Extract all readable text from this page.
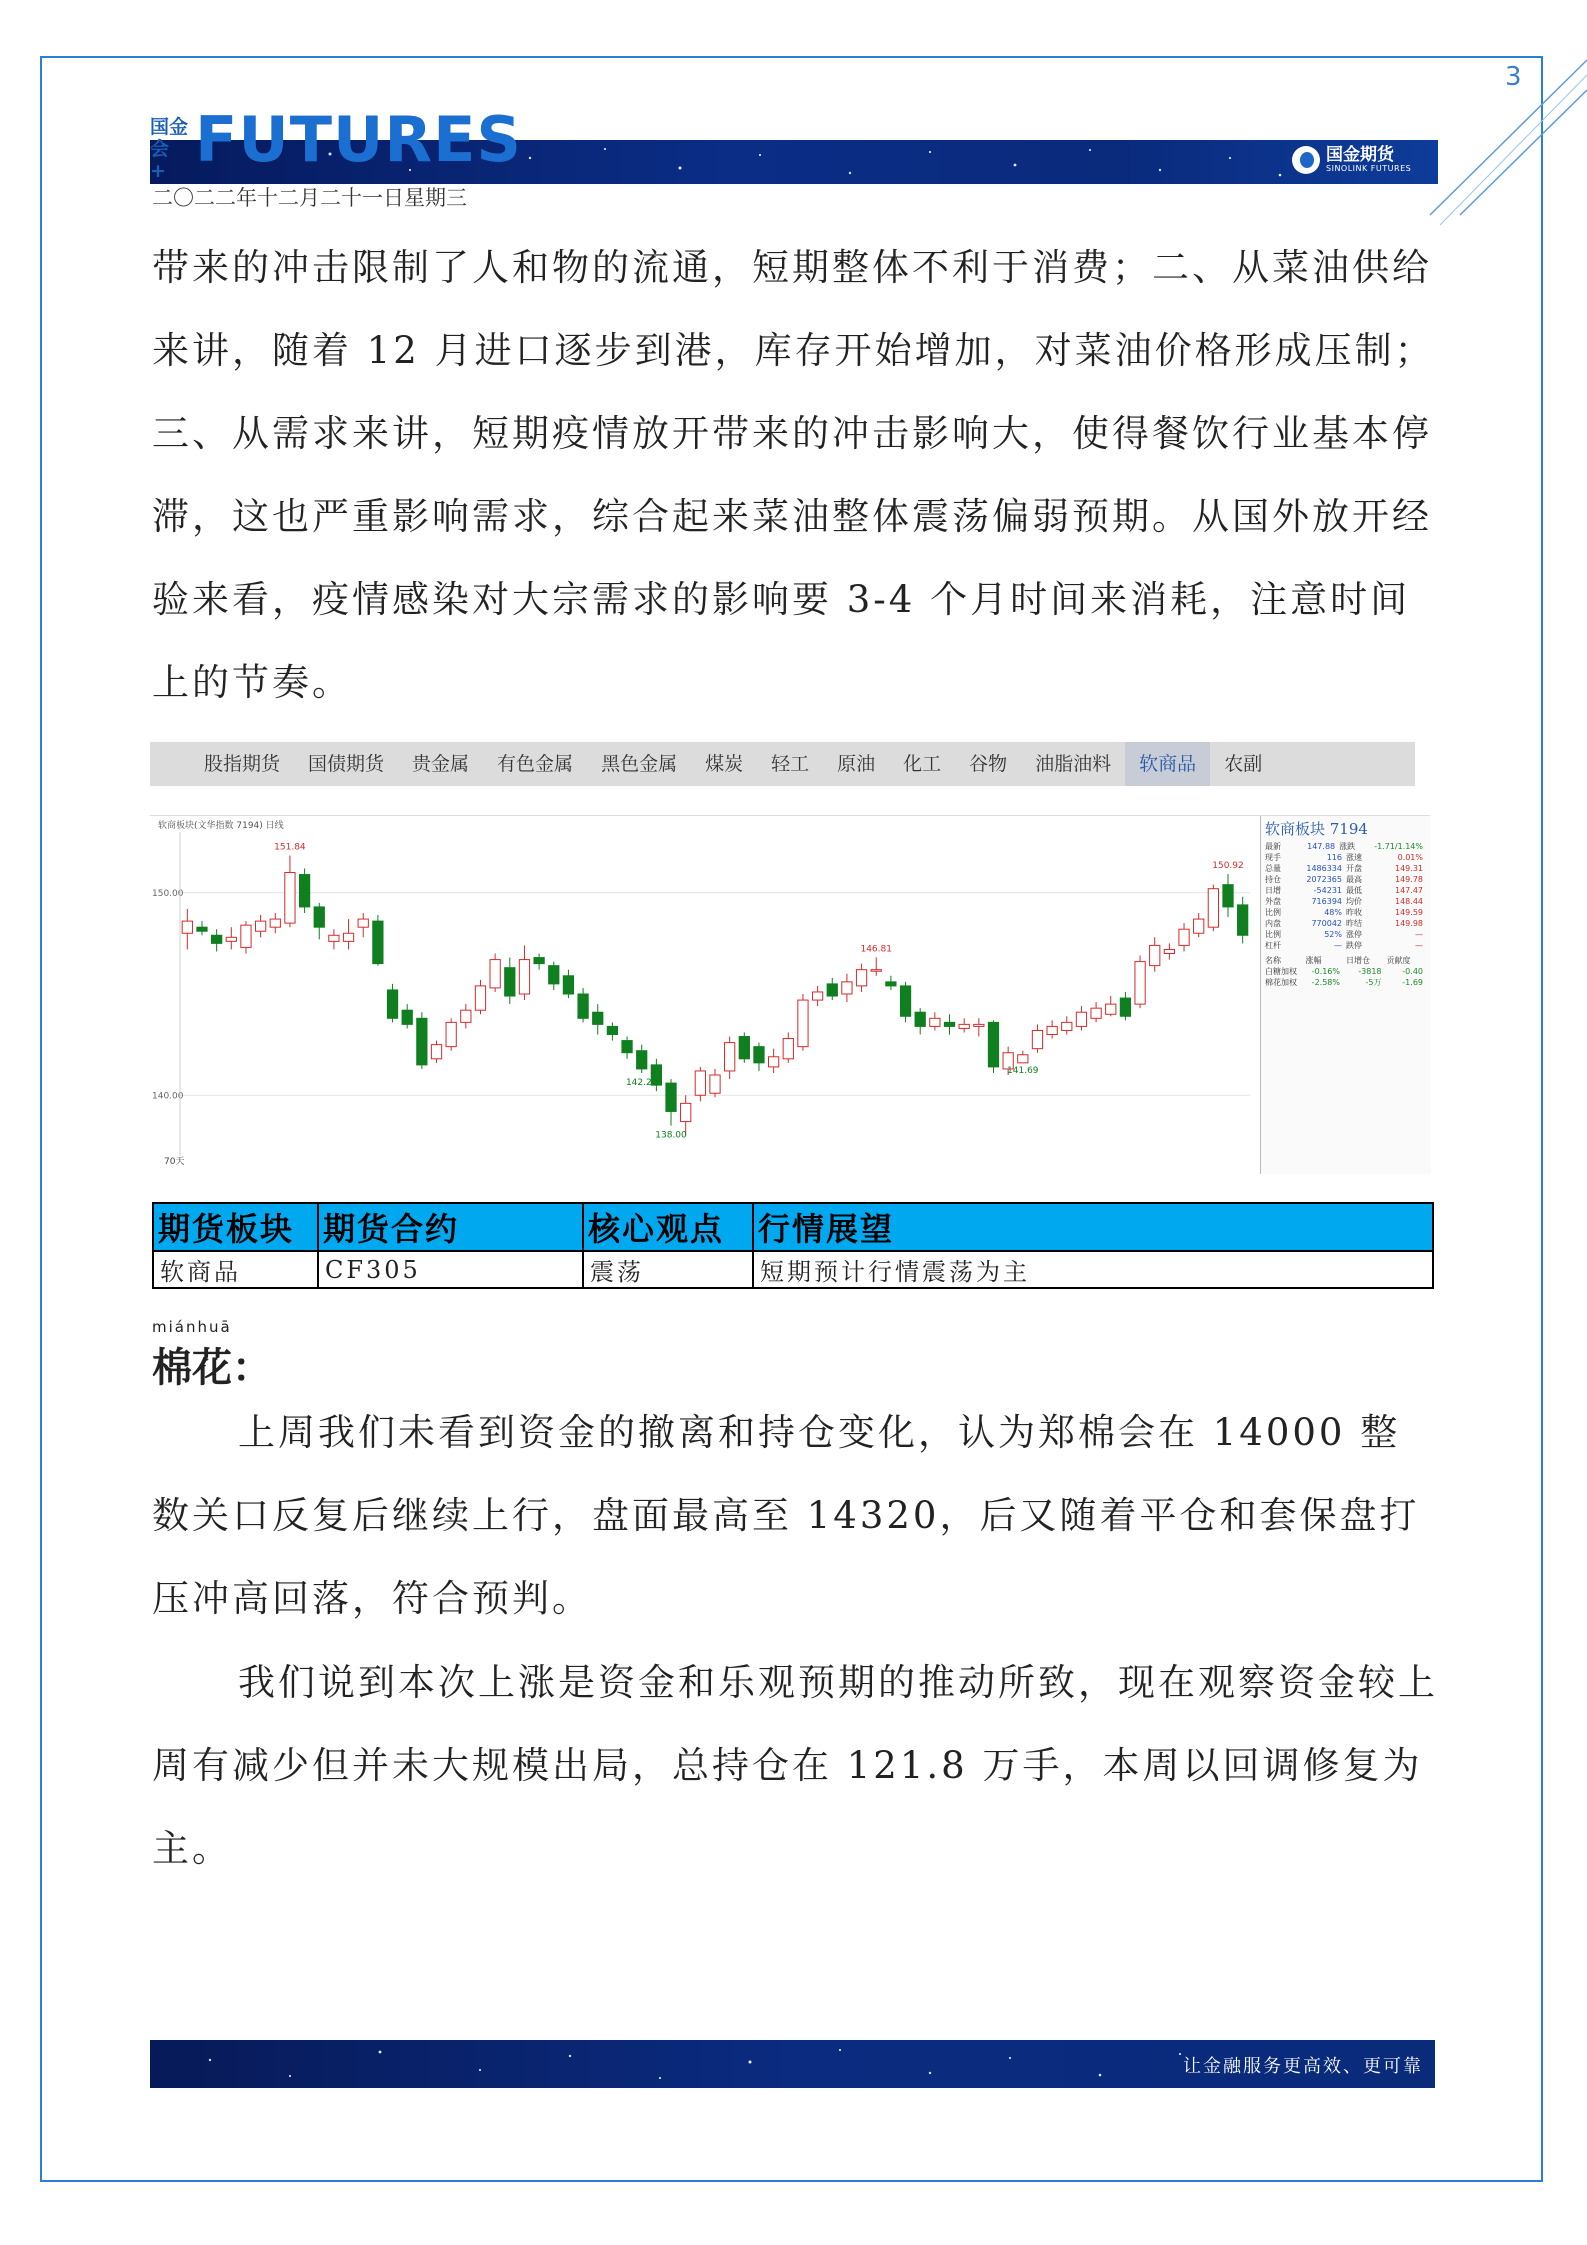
3
国金
会 + FUTURES	国金期货
SINOLINK FUTURES
二〇二二年十二月二十一日星期三

带来的冲击限制了人和物的流通，短期整体不利于消费；二、从菜油供给来讲，随着 12 月进口逐步到港，库存开始增加，对菜油价格形成压制；三、从需求来讲，短期疫情放开带来的冲击影响大，使得餐饮行业基本停滞，这也严重影响需求，综合起来菜油整体震荡偏弱预期。从国外放开经验来看，疫情感染对大宗需求的影响要 3-4 个月时间来消耗，注意时间上的节奏。

股指期货	国债期货	贵金属	有色金属	黑色金属	煤炭	轻工	原油	化工	谷物	油脂油料	软商品	农副
软商板块(文华指数 7194) 日线
150.00
140.00
70天
151.84
142.20
138.00
146.81
141.69
150.92
软商板块 7194
最新	147.88 涨跌	-1.71/1.14%
现手	116 涨速	0.01%
总量	1486334 开盘	149.31
持仓	2072365 最高	149.78
日增	-54231 最低	147.47
外盘	716394 均价	148.44
比例	48% 昨收	149.59
内盘	770042 昨结	149.98
比例	52% 涨停	—
杠杆	— 跌停	—
名称	涨幅	日增仓	贡献度
白糖加权	-0.16%	-3818	-0.40
棉花加权	-2.58%	-5万	-1.69
期货板块	期货合约	核心观点	行情展望
软商品	CF305	震荡	短期预计行情震荡为主
miánhuā
棉花：

上周我们未看到资金的撤离和持仓变化，认为郑棉会在 14000 整数关口反复后继续上行，盘面最高至 14320，后又随着平仓和套保盘打压冲高回落，符合预判。

我们说到本次上涨是资金和乐观预期的推动所致，现在观察资金较上周有减少但并未大规模出局，总持仓在 121.8 万手，本周以回调修复为主。

让金融服务更高效、更可靠
